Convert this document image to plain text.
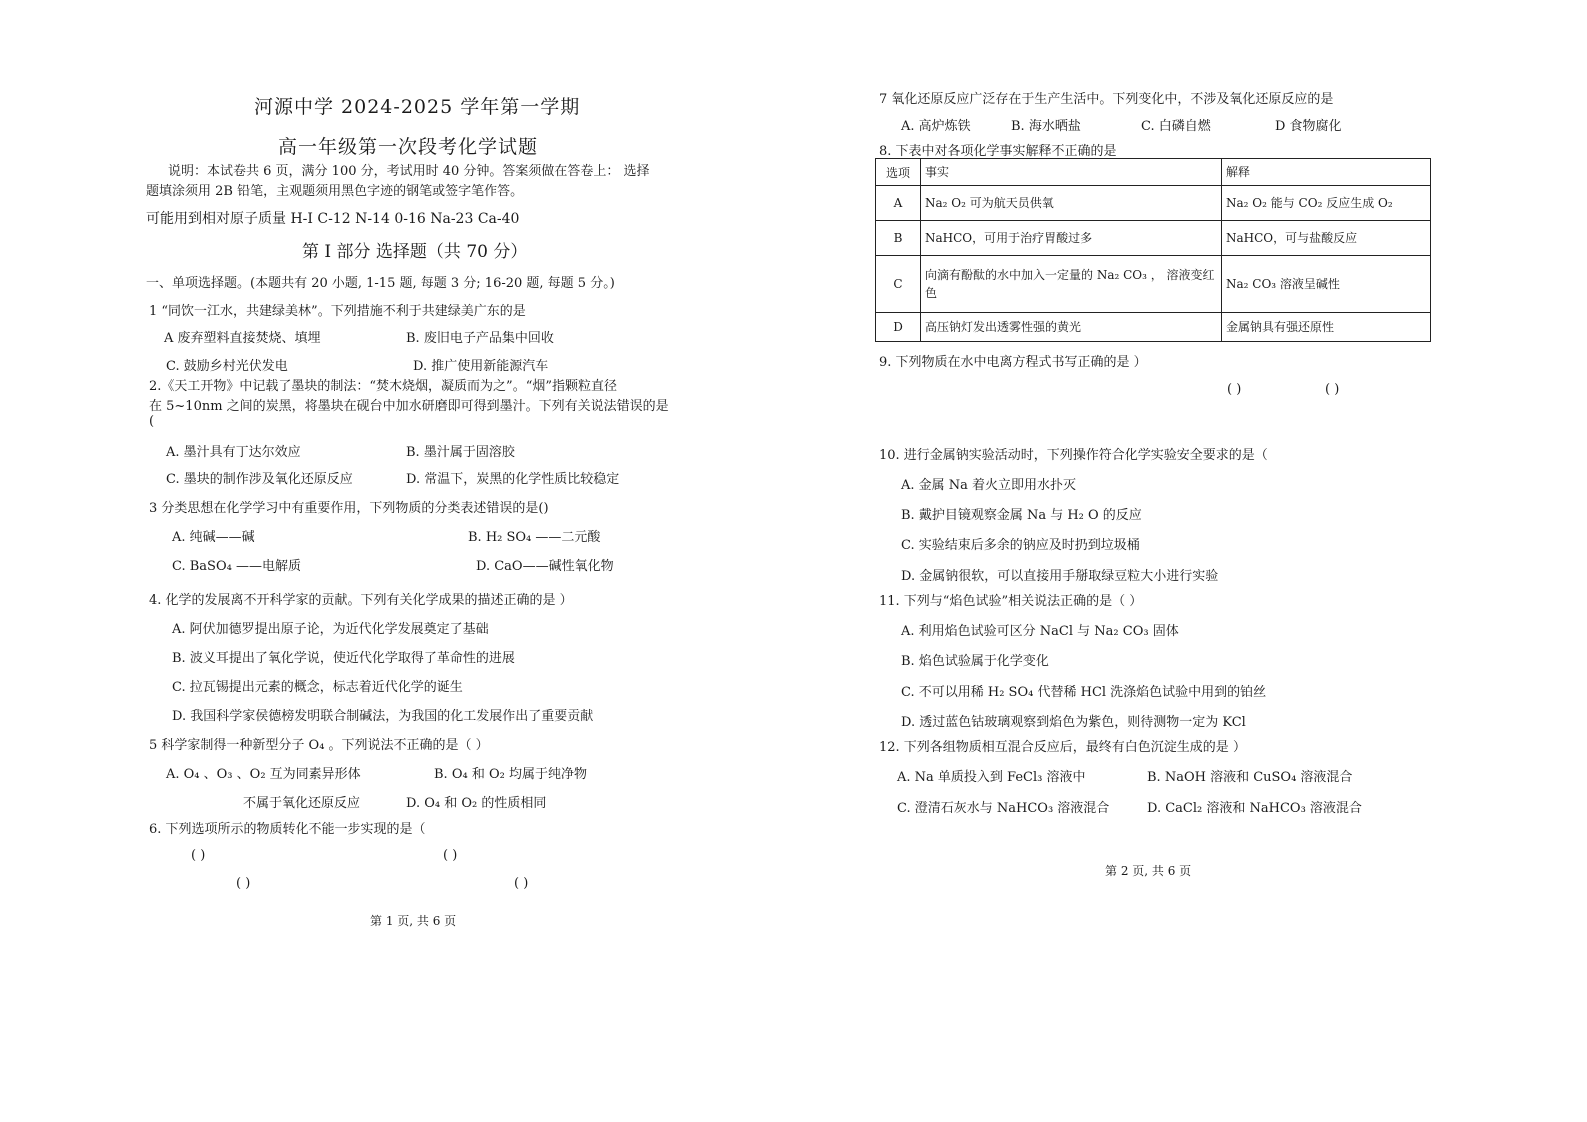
河源中学 2024-2025 学年第一学期
高一年级第一次段考化学试题
说明：本试卷共 6 页，满分 100 分，考试用时 40 分钟。答案须做在答卷上： 选择
题填涂须用 2B 铅笔，主观题须用黑色字迹的钢笔或签字笔作答。
可能用到相对原子质量 H-I C-12 N-14 0-16 Na-23 Ca-40
第 I 部分 选择题（共 70 分）
一、单项选择题。(本题共有 20 小题, 1-15 题, 每题 3 分; 16-20 题, 每题 5 分。)
1 “同饮一江水，共建绿美林”。下列措施不利于共建绿美广东的是
A 废弃塑料直接焚烧、填埋	B. 废旧电子产品集中回收
C. 鼓励乡村光伏发电	D. 推广使用新能源汽车
2.《天工开物》中记载了墨块的制法：“焚木烧烟，凝质而为之”。“烟”指颗粒直径
在 5~10nm 之间的炭黑，将墨块在砚台中加水研磨即可得到墨汁。下列有关说法错误的是
(
A. 墨汁具有丁达尔效应	B. 墨汁属于固溶胶
C. 墨块的制作涉及氧化还原反应	D. 常温下，炭黑的化学性质比较稳定
3 分类思想在化学学习中有重要作用，下列物质的分类表述错误的是()
A. 纯碱——碱	B. H₂ SO₄ ——二元酸
C. BaSO₄ ——电解质	D. CaO——碱性氧化物
4. 化学的发展离不开科学家的贡献。下列有关化学成果的描述正确的是 ）
A. 阿伏加德罗提出原子论，为近代化学发展奠定了基础
B. 波义耳提出了氧化学说，使近代化学取得了革命性的进展
C. 拉瓦锡提出元素的概念，标志着近代化学的诞生
D. 我国科学家侯德榜发明联合制碱法，为我国的化工发展作出了重要贡献
5 科学家制得一种新型分子 O₄ 。下列说法不正确的是（ ）
A. O₄ 、O₃ 、O₂ 互为同素异形体	B. O₄ 和 O₂ 均属于纯净物
不属于氧化还原反应	D. O₄ 和 O₂ 的性质相同
6. 下列选项所示的物质转化不能一步实现的是（
( )	( )
( )	( )
第 1 页, 共 6 页
7 氧化还原反应广泛存在于生产生活中。下列变化中，不涉及氧化还原反应的是
A. 高炉炼铁	B. 海水晒盐	C. 白磷自燃	D 食物腐化
8. 下表中对各项化学事实解释不正确的是
选项	事实	解释
A	Na₂ O₂ 可为航天员供氧	Na₂ O₂ 能与 CO₂ 反应生成 O₂
B	NaHCO，可用于治疗胃酸过多	NaHCO，可与盐酸反应
C	向滴有酚酞的水中加入一定量的 Na₂ CO₃ ， 溶液变红色	Na₂ CO₃ 溶液呈碱性
D	高压钠灯发出透雾性强的黄光	金属钠具有强还原性
9. 下列物质在水中电离方程式书写正确的是 ）
( )	( )
10. 进行金属钠实验活动时，下列操作符合化学实验安全要求的是（
A. 金属 Na 着火立即用水扑灭
B. 戴护目镜观察金属 Na 与 H₂ O 的反应
C. 实验结束后多余的钠应及时扔到垃圾桶
D. 金属钠很软，可以直接用手掰取绿豆粒大小进行实验
11. 下列与“焰色试验”相关说法正确的是（ ）
A. 利用焰色试验可区分 NaCl 与 Na₂ CO₃ 固体
B. 焰色试验属于化学变化
C. 不可以用稀 H₂ SO₄ 代替稀 HCl 洗涤焰色试验中用到的铂丝
D. 透过蓝色钴玻璃观察到焰色为紫色，则待测物一定为 KCl
12. 下列各组物质相互混合反应后，最终有白色沉淀生成的是 ）
A. Na 单质投入到 FeCl₃ 溶液中	B. NaOH 溶液和 CuSO₄ 溶液混合
C. 澄清石灰水与 NaHCO₃ 溶液混合	D. CaCl₂ 溶液和 NaHCO₃ 溶液混合
第 2 页, 共 6 页
